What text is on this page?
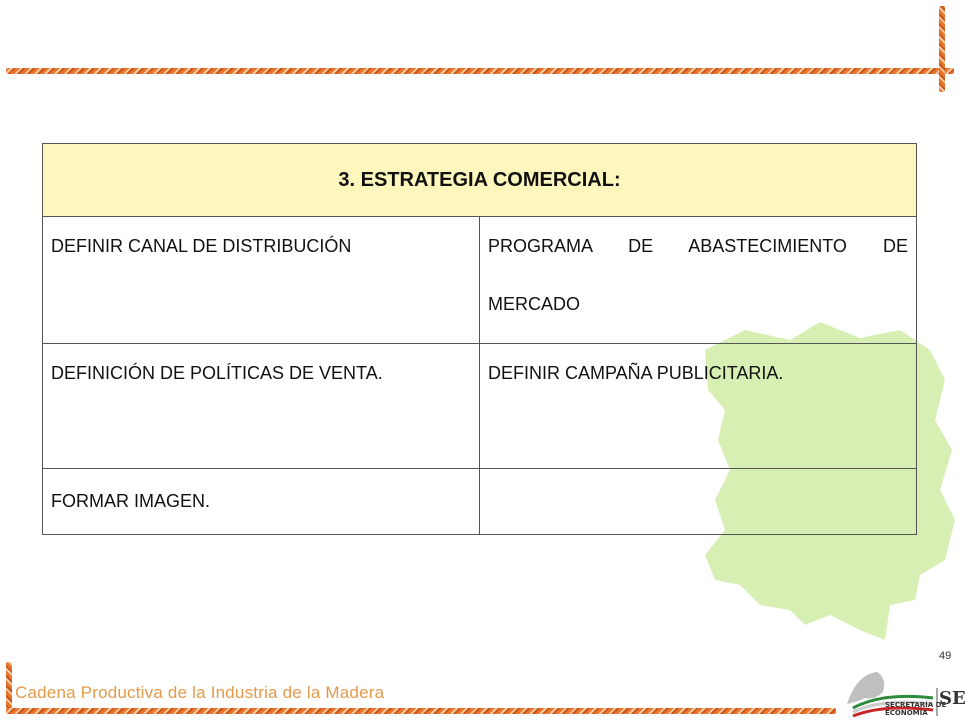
3. ESTRATEGIA COMERCIAL:	
DEFINIR CANAL DE DISTRIBUCIÓN	PROGRAMA DE ABASTECIMIENTO DE MERCADO
DEFINICIÓN DE POLÍTICAS DE VENTA.	DEFINIR CAMPAÑA PUBLICITARIA.
FORMAR IMAGEN.	
Cadena Productiva de la Industria de la Madera
49
SECRETARÍA DE
ECONOMÍA
SE
